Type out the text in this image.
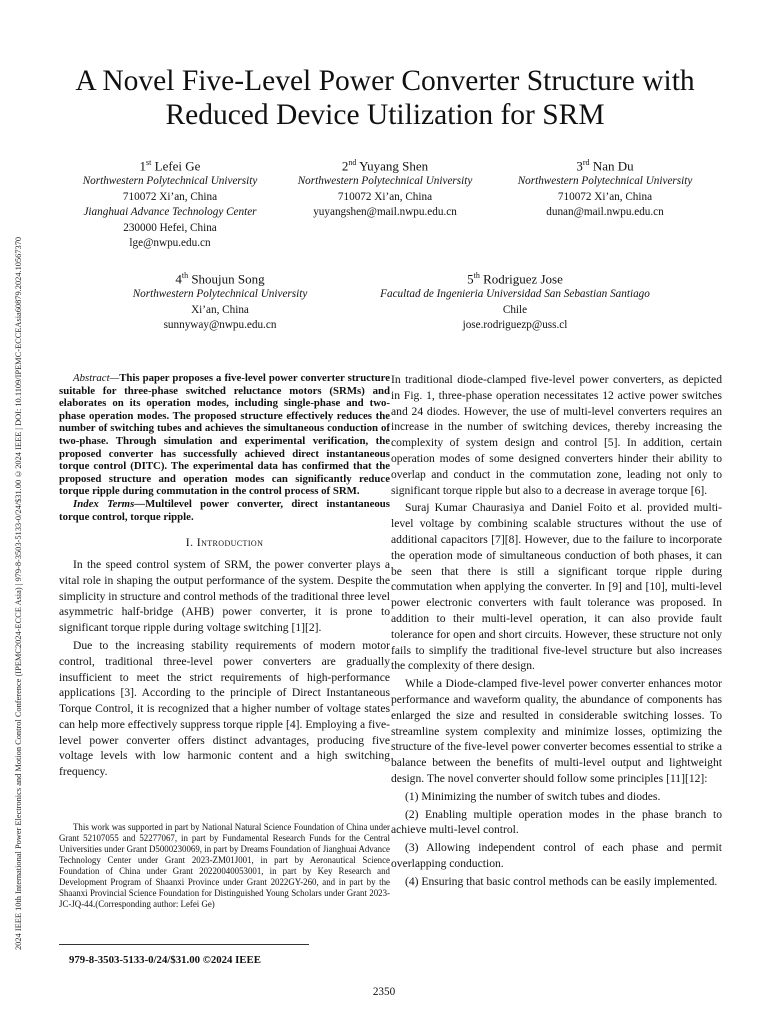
2024 IEEE 10th International Power Electronics and Motion Control Conference (IPEMC2024-ECCE Asia) | 979-8-3503-5133-0/24/$31.00 ©2024 IEEE | DOI: 10.1109/IPEMC-ECCEAsia60879.2024.10567370
A Novel Five-Level Power Converter Structure with
Reduced Device Utilization for SRM
1st Lefei Ge
Northwestern Polytechnical University
710072 Xi’an, China
Jianghuai Advance Technology Center
230000 Hefei, China
lge@nwpu.edu.cn
2nd Yuyang Shen
Northwestern Polytechnical University
710072 Xi’an, China
yuyangshen@mail.nwpu.edu.cn
3rd Nan Du
Northwestern Polytechnical University
710072 Xi’an, China
dunan@mail.nwpu.edu.cn
4th Shoujun Song
Northwestern Polytechnical University
Xi’an, China
sunnyway@nwpu.edu.cn
5th Rodriguez Jose
Facultad de Ingenieria Universidad San Sebastian Santiago
Chile
jose.rodriguezp@uss.cl

Abstract—This paper proposes a five-level power converter structure suitable for three-phase switched reluctance motors (SRMs) and elaborates on its operation modes, including single-phase and two-phase operation modes. The proposed structure effectively reduces the number of switching tubes and achieves the simultaneous conduction of two-phase. Through simulation and experimental verification, the proposed converter has successfully achieved direct instantaneous torque control (DITC). The experimental data has confirmed that the proposed structure and operation modes can significantly reduce torque ripple during commutation in the control process of SRM.

Index Terms—Multilevel power converter, direct instantaneous torque control, torque ripple.

I. Introduction

In the speed control system of SRM, the power converter plays a vital role in shaping the output performance of the system. Despite the simplicity in structure and control methods of the traditional three level asymmetric half-bridge (AHB) power converter, it is prone to significant torque ripple during voltage switching [1][2].

Due to the increasing stability requirements of modern motor control, traditional three-level power converters are gradually insufficient to meet the strict requirements of high-performance applications [3]. According to the principle of Direct Instantaneous Torque Control, it is recognized that a higher number of voltage states can help more effectively suppress torque ripple [4]. Employing a five-level power converter offers distinct advantages, producing five voltage levels with low harmonic content and a high switching frequency.

This work was supported in part by National Natural Science Foundation of China under Grant 52107055 and 52277067, in part by Fundamental Research Funds for the Central Universities under Grant D5000230069, in part by Dreams Foundation of Jianghuai Advance Technology Center under Grant 2023-ZM01J001, in part by Aeronautical Science Foundation of China under Grant 20220040053001, in part by Key Research and Development Program of Shaanxi Province under Grant 2022GY-260, and in part by the Shaanxi Provincial Science Foundation for Distinguished Young Scholars under Grant 2023-JC-JQ-44.(Corresponding author: Lefei Ge)

In traditional diode-clamped five-level power converters, as depicted in Fig. 1, three-phase operation necessitates 12 active power switches and 24 diodes. However, the use of multi-level converters requires an increase in the number of switching devices, thereby increasing the complexity of system design and control [5]. In addition, certain operation modes of some designed converters hinder their ability to overlap and conduct in the commutation zone, leading not only to significant torque ripple but also to a decrease in average torque [6].

Suraj Kumar Chaurasiya and Daniel Foito et al. provided multi-level voltage by combining scalable structures without the use of additional capacitors [7][8]. However, due to the failure to incorporate the operation mode of simultaneous conduction of both phases, it can be seen that there is still a significant torque ripple during commutation when applying the converter. In [9] and [10], multi-level power electronic converters with fault tolerance was proposed. In addition to their multi-level operation, it can also provide fault tolerance for open and short circuits. However, these structure not only fails to simplify the traditional five-level structure but also increases the complexity of there design.

While a Diode-clamped five-level power converter enhances motor performance and waveform quality, the abundance of components has enlarged the size and resulted in considerable switching losses. To streamline system complexity and minimize losses, optimizing the structure of the five-level power converter becomes essential to strike a balance between the benefits of multi-level output and lightweight design. The novel converter should follow some principles [11][12]:

(1) Minimizing the number of switch tubes and diodes.

(2) Enabling multiple operation modes in the phase branch to achieve multi-level control.

(3) Allowing independent control of each phase and permit overlapping conduction.

(4) Ensuring that basic control methods can be easily implemented.

979-8-3503-5133-0/24/$31.00 ©2024 IEEE
2350
